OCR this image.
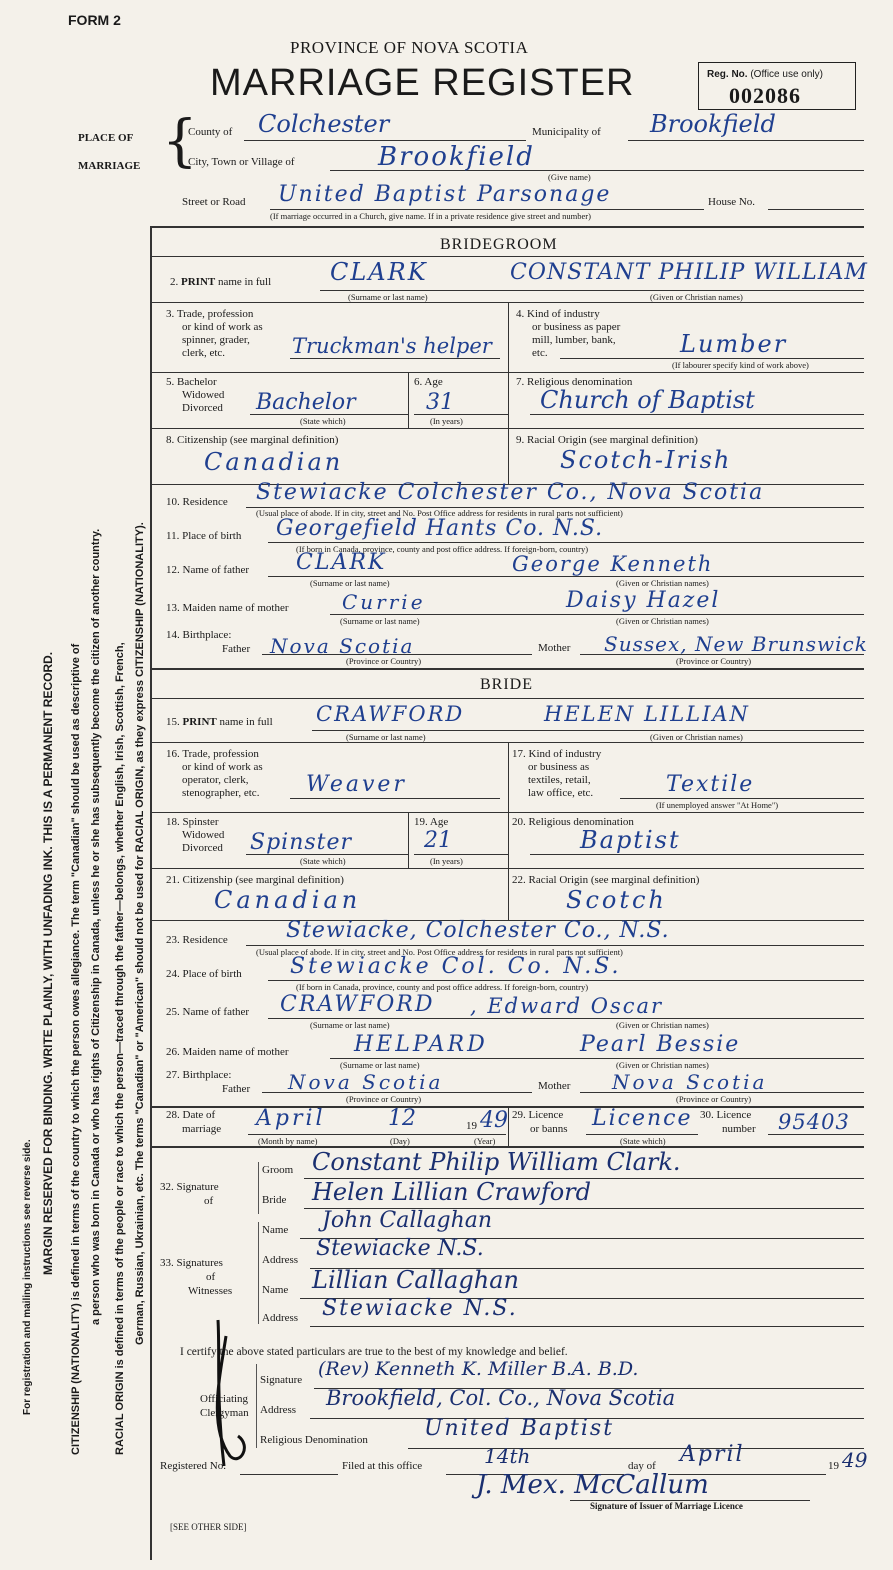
FORM 2
PROVINCE OF NOVA SCOTIA
MARRIAGE REGISTER	Reg. No. (Office use only)
002086
For registration and mailing instructions see reverse side.
MARGIN RESERVED FOR BINDING. WRITE PLAINLY, WITH UNFADING INK. THIS IS A PERMANENT RECORD.	CITIZENSHIP (NATIONALITY) is defined in terms of the country to which the person owes allegiance. The term "Canadian" should be used as descriptive of a person who was born in Canada or who has rights of Citizenship in Canada, unless he or she has subsequently become the citizen of another country.	RACIAL ORIGIN is defined in terms of the people or race to which the person—traced through the father—belongs, whether English, Irish, Scottish, French, German, Russian, Ukrainian, etc. The terms "Canadian" or "American" should not be used for RACIAL ORIGIN, as they express CITIZENSHIP (NATIONALITY).
PLACE OF
MARRIAGE {
County of Colchester	Municipality of Brookfield
City, Town or Village of	Brookfield
(Give name)
Street or Road United Baptist Parsonage	House No.
(If marriage occurred in a Church, give name. If in a private residence give street and number)
BRIDEGROOM
2. PRINT name in full CLARK	CONSTANT PHILIP WILLIAM
(Surname or last name)	(Given or Christian names)
3. Trade, profession
or kind of work as
spinner, grader,
clerk, etc.	Truckman's helper
4. Kind of industry
or business as paper
mill, lumber, bank,
etc.	Lumber
(If labourer specify kind of work above)
5. Bachelor
Widowed
Divorced Bachelor
(State which)
6. Age
31
(In years)
7. Religious denomination
Church of Baptist
8. Citizenship (see marginal definition)
Canadian
9. Racial Origin (see marginal definition)
Scotch-Irish
10. Residence Stewiacke Colchester Co., Nova Scotia
(Usual place of abode. If in city, street and No. Post Office address for residents in rural parts not sufficient)
11. Place of birth Georgefield Hants Co. N.S.
(If born in Canada, province, county and post office address. If foreign-born, country)
12. Name of father CLARK	George Kenneth
(Surname or last name)	(Given or Christian names)
13. Maiden name of mother	Currie	Daisy Hazel
(Surname or last name)	(Given or Christian names)
14. Birthplace:
Father Nova Scotia
(Province or Country)
Mother Sussex, New Brunswick
(Province or Country)
BRIDE
15. PRINT name in full CRAWFORD	HELEN LILLIAN
(Surname or last name)	(Given or Christian names)
16. Trade, profession
or kind of work as
operator, clerk,
stenographer, etc. Weaver
17. Kind of industry
or business as
textiles, retail,
law office, etc.	Textile
(If unemployed answer "At Home")
18. Spinster
Widowed
Divorced Spinster
(State which)
19. Age
21
(In years)
20. Religious denomination
Baptist
21. Citizenship (see marginal definition)
Canadian
22. Racial Origin (see marginal definition)
Scotch
23. Residence	Stewiacke, Colchester Co., N.S.
(Usual place of abode. If in city, street and No. Post Office address for residents in rural parts not sufficient)
24. Place of birth Stewiacke Col. Co. N.S.
(If born in Canada, province, county and post office address. If foreign-born, country)
25. Name of father CRAWFORD , Edward Oscar
(Surname or last name)	(Given or Christian names)
26. Maiden name of mother	HELPARD	Pearl Bessie
(Surname or last name)	(Given or Christian names)
27. Birthplace:
Father Nova Scotia
(Province or Country)
Mother Nova Scotia
(Province or Country)
28. Date of
marriage April	12	19 49
(Month by name)	(Day)	(Year)
29. Licence
or banns Licence
(State which)
30. Licence
number 95403
32. Signature
of
Groom Constant Philip William Clark.
Bride Helen Lillian Crawford
33. Signatures
of
Witnesses
Name John Callaghan
Address Stewiacke N.S.
Name Lillian Callaghan
Address Stewiacke N.S.
I certify the above stated particulars are true to the best of my knowledge and belief.
Officiating
Clergyman
Signature (Rev) Kenneth K. Miller B.A. B.D.
Address Brookfield, Col. Co., Nova Scotia
Religious Denomination	United Baptist
Registered No.	Filed at this office	14th	day of April	19 49
J. Mex. McCallum
Signature of Issuer of Marriage Licence
[SEE OTHER SIDE]
